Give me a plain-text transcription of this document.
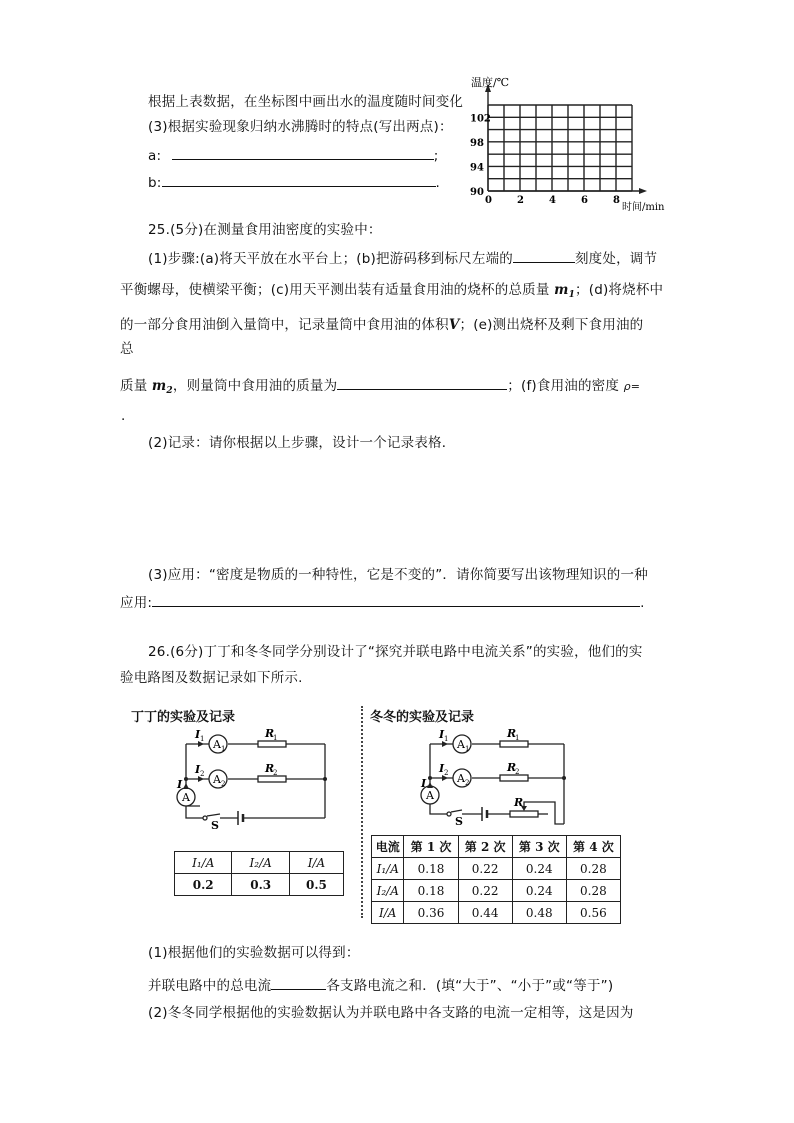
根据上表数据，在坐标图中画出水的温度随时间变化
(3)根据实验现象归纳水沸腾时的特点(写出两点)：
a:	;
b:	.
0	2	4	6	8
90
94
98
102
温度/℃
时间/min
25.(5分)在测量食用油密度的实验中：
(1)步骤:(a)将天平放在水平台上；(b)把游码移到标尺左端的	刻度处，调节
平衡螺母，使横梁平衡；(c)用天平测出装有适量食用油的烧杯的总质量 $m_1$；(d)将烧杯中
的一部分食用油倒入量筒中，记录量筒中食用油的体积V；(e)测出烧杯及剩下食用油的
总
质量 $m_2$，则量筒中食用油的质量为	；(f)食用油的密度 ρ=
.
(2)记录：请你根据以上步骤，设计一个记录表格．
(3)应用：“密度是物质的一种特性，它是不变的”．请你简要写出该物理知识的一种
应用:	.
26.(6分)丁丁和冬冬同学分别设计了“探究并联电路中电流关系”的实验，他们的实
验电路图及数据记录如下所示.
丁丁的实验及记录	冬冬的实验及记录
I 1
I 2
I
A 1
A 2
A
R
1
R
2
S
I 1
I 2
I
A 1
A 2
A
R
1
R
2
R
S
I₁/A	I₂/A	I/A
0.2	0.3	0.5
电流	第 1 次	第 2 次	第 3 次	第 4 次
I₁/A	0.18	0.22	0.24	0.28
I₂/A	0.18	0.22	0.24	0.28
I/A	0.36	0.44	0.48	0.56
(1)根据他们的实验数据可以得到：
并联电路中的总电流	各支路电流之和．(填“大于”、“小于”或“等于”)
(2)冬冬同学根据他的实验数据认为并联电路中各支路的电流一定相等，这是因为
